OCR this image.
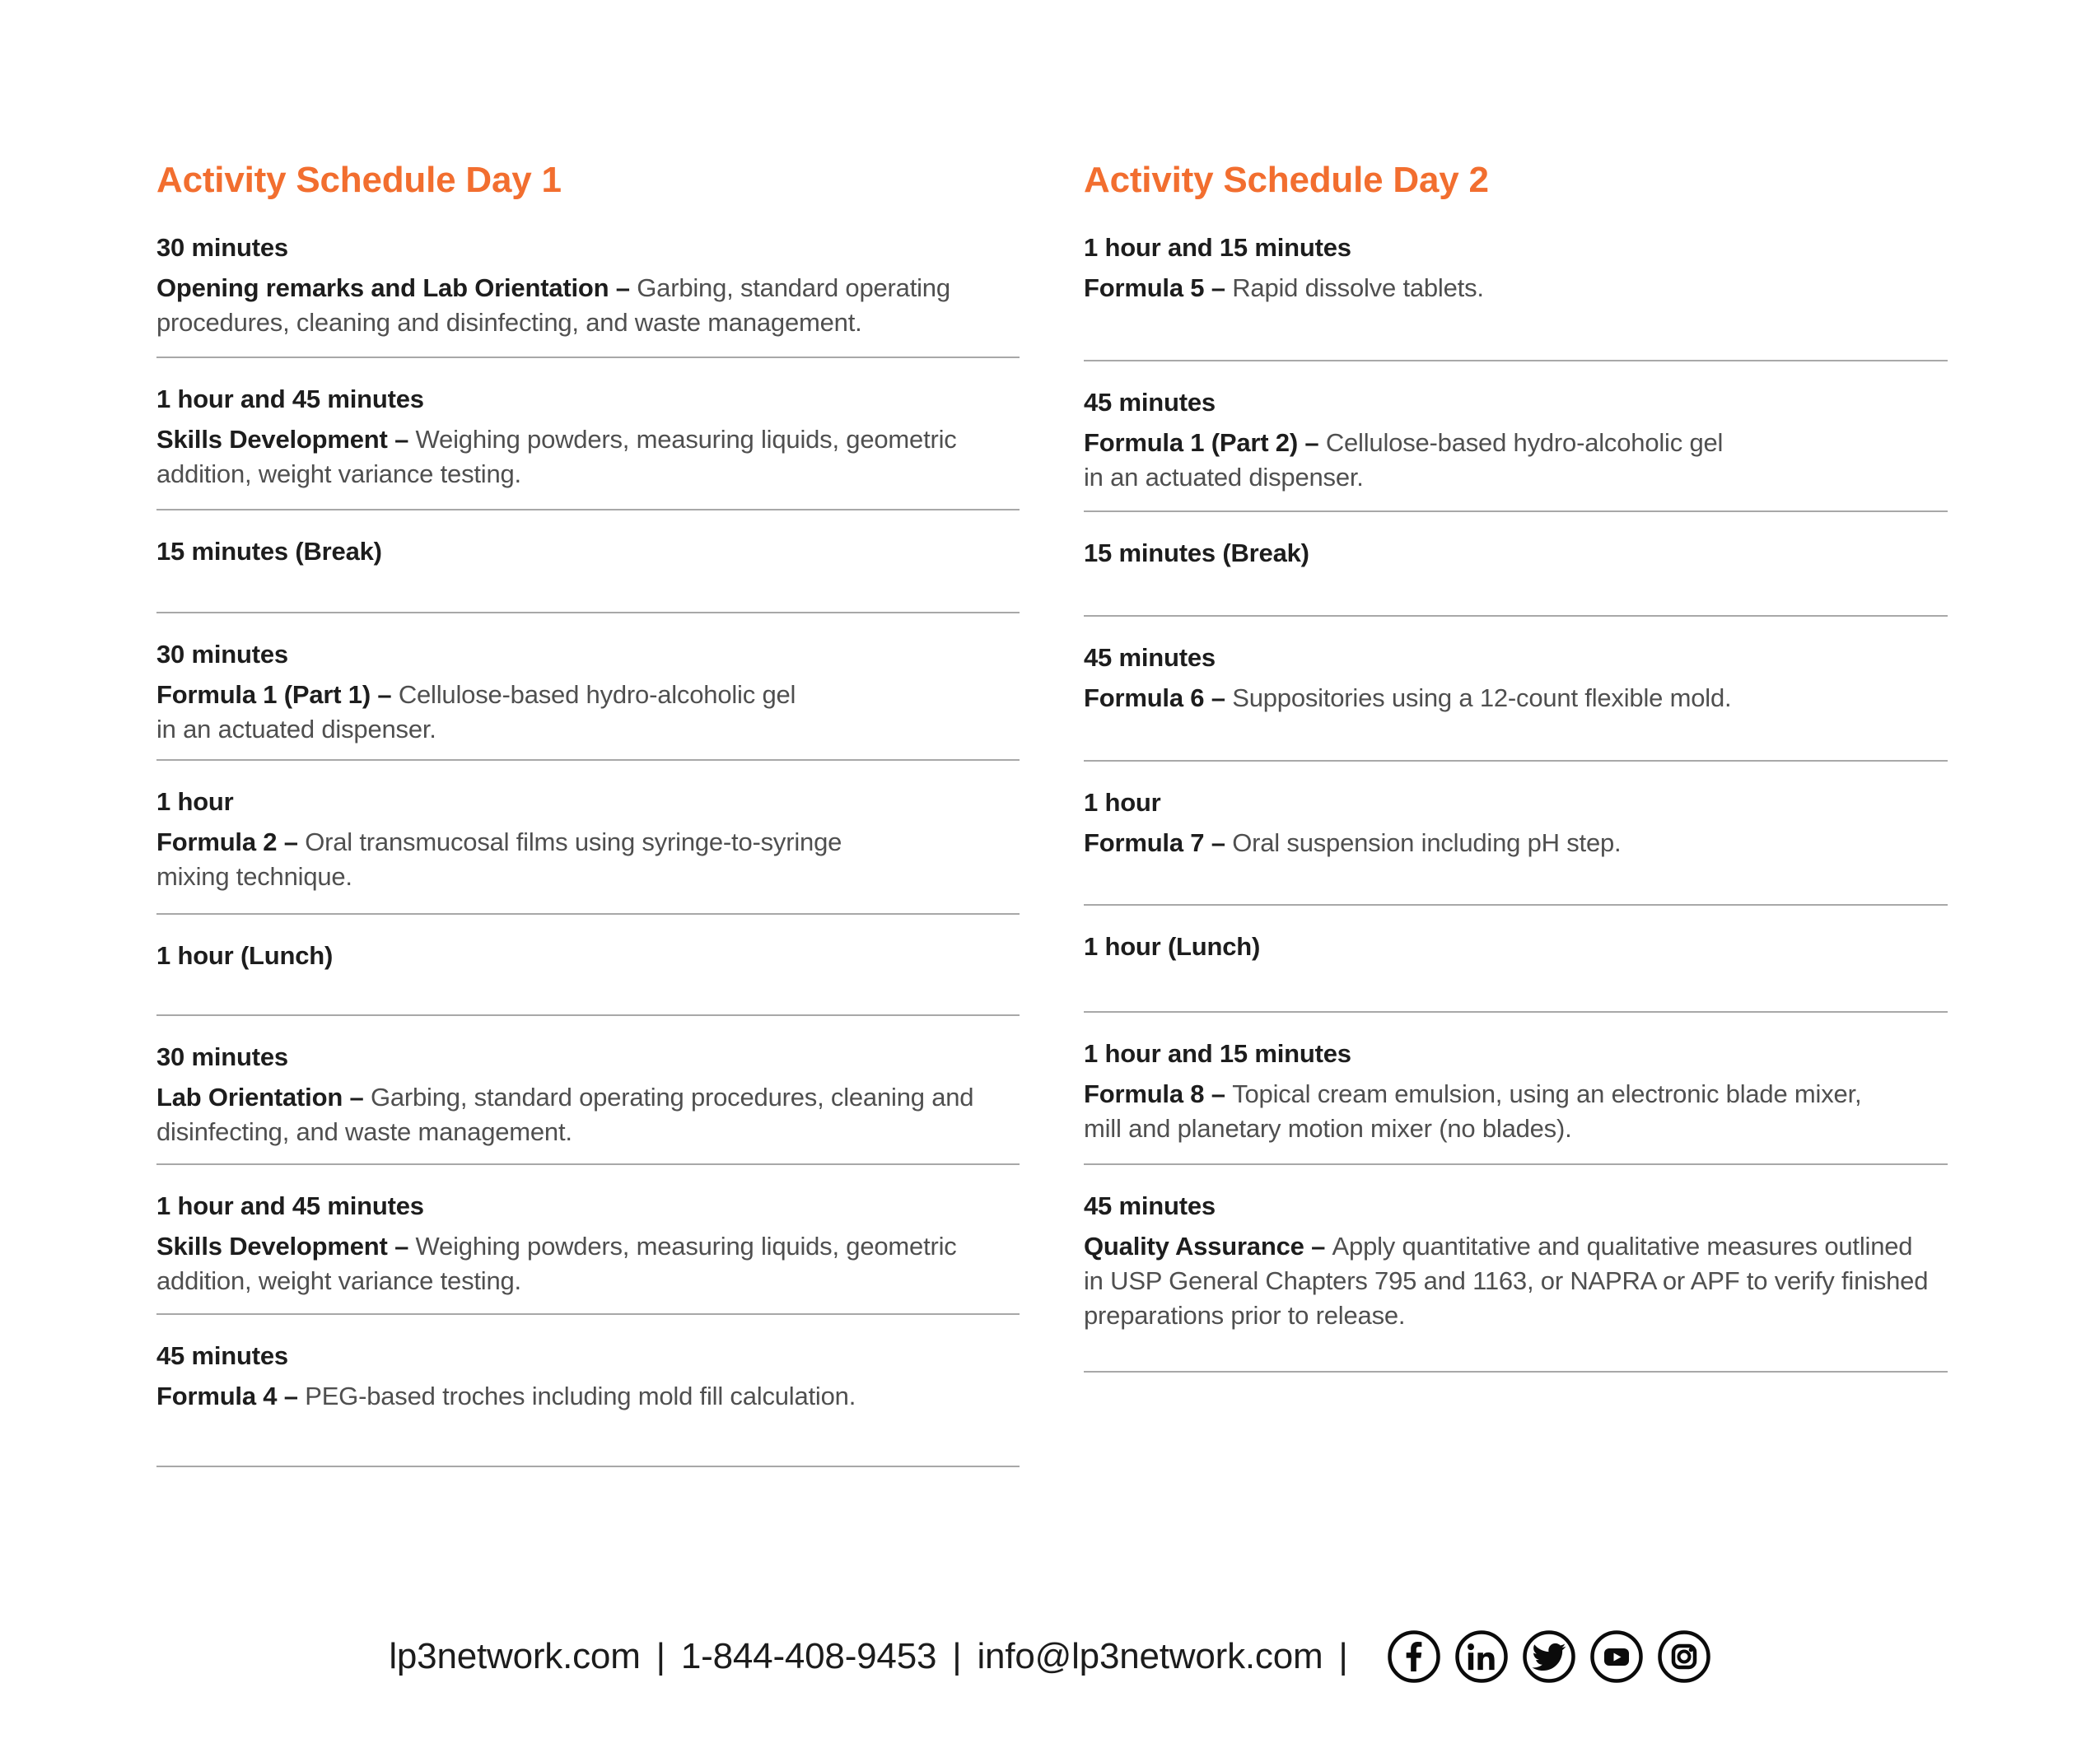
Activity Schedule Day 1
30 minutes
Opening remarks and Lab Orientation – Garbing, standard operating
procedures, cleaning and disinfecting, and waste management.
1 hour and 45 minutes
Skills Development – Weighing powders, measuring liquids, geometric
addition, weight variance testing.
15 minutes (Break)
30 minutes
Formula 1 (Part 1) – Cellulose-based hydro-alcoholic gel
in an actuated dispenser.
1 hour
Formula 2 – Oral transmucosal films using syringe-to-syringe
mixing technique.
1 hour (Lunch)
30 minutes
Lab Orientation – Garbing, standard operating procedures, cleaning and
disinfecting, and waste management.
1 hour and 45 minutes
Skills Development – Weighing powders, measuring liquids, geometric
addition, weight variance testing.
45 minutes
Formula 4 – PEG-based troches including mold fill calculation.
Activity Schedule Day 2
1 hour and 15 minutes
Formula 5 – Rapid dissolve tablets.
45 minutes
Formula 1 (Part 2) – Cellulose-based hydro-alcoholic gel
in an actuated dispenser.
15 minutes (Break)
45 minutes
Formula 6 – Suppositories using a 12-count flexible mold.
1 hour
Formula 7 – Oral suspension including pH step.
1 hour (Lunch)
1 hour and 15 minutes
Formula 8 – Topical cream emulsion, using an electronic blade mixer,
mill and planetary motion mixer (no blades).
45 minutes
Quality Assurance – Apply quantitative and qualitative measures outlined
in USP General Chapters 795 and 1163, or NAPRA or APF to verify finished
preparations prior to release.
lp3network.com | 1-844-408-9453 | info@lp3network.com |
